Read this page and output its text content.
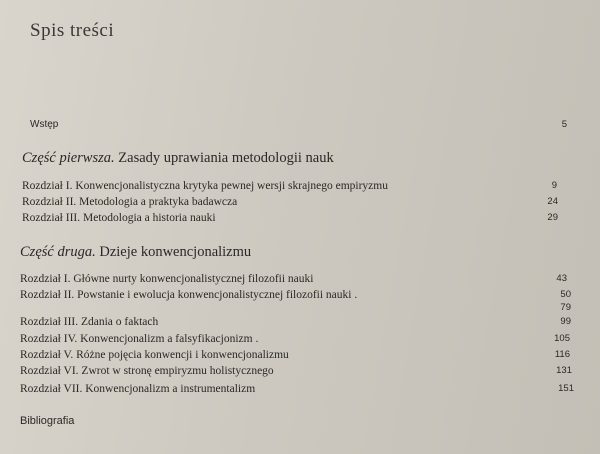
Spis treści
Wstęp	5
Część pierwsza. Zasady uprawiania metodologii nauk
Rozdział I. Konwencjonalistyczna krytyka pewnej wersji skrajnego empiryzmu	9
Rozdział II. Metodologia a praktyka badawcza	24
Rozdział III. Metodologia a historia nauki	29
Część druga. Dzieje konwencjonalizmu
Rozdział I. Główne nurty konwencjonalistycznej filozofii nauki	43
Rozdział II. Powstanie i ewolucja konwencjonalistycznej filozofii nauki .	50
79
Rozdział III. Zdania o faktach	99
Rozdział IV. Konwencjonalizm a falsyfikacjonizm .	105
Rozdział V. Różne pojęcia konwencji i konwencjonalizmu	116
Rozdział VI. Zwrot w stronę empiryzmu holistycznego	131
Rozdział VII. Konwencjonalizm a instrumentalizm	151
Bibliografia
